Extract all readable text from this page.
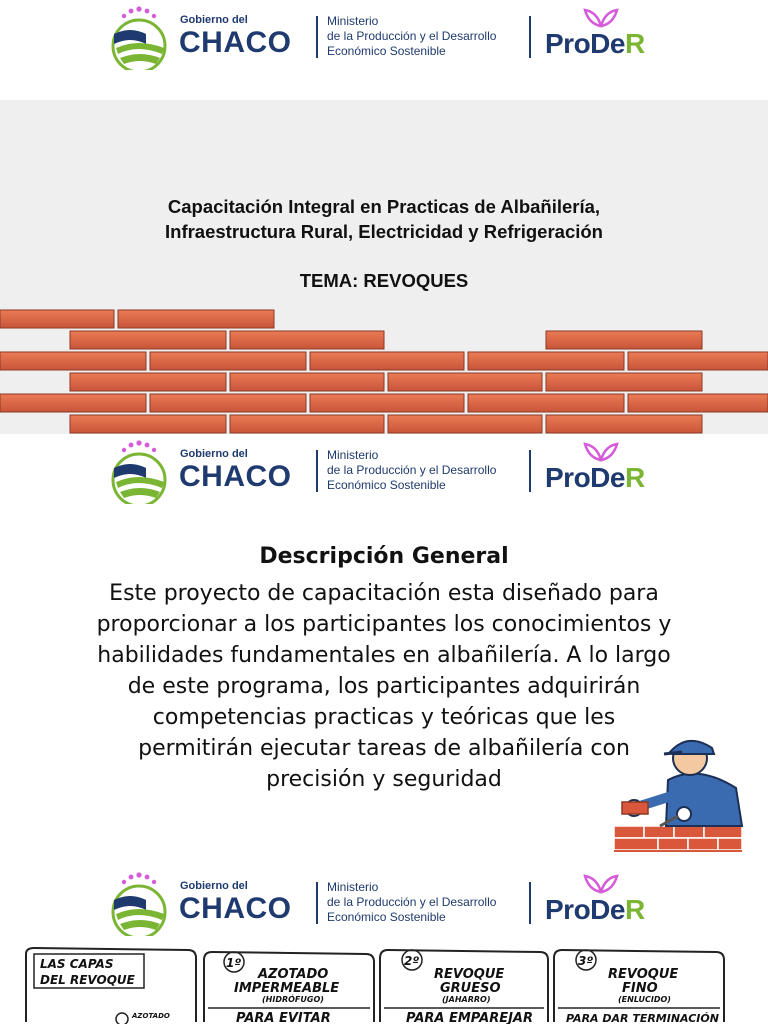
Gobierno del
CHACO
Ministerio
de la Producción y el Desarrollo
Económico Sostenible	ProDeR
Capacitación Integral en Practicas de Albañilería,
Infraestructura Rural, Electricidad y Refrigeración
TEMA: REVOQUES
Gobierno del
CHACO
Ministerio
de la Producción y el Desarrollo
Económico Sostenible	ProDeR
Descripción General
Este proyecto de capacitación esta diseñado para proporcionar a los participantes los conocimientos y habilidades fundamentales en albañilería. A lo largo de este programa, los participantes adquirirán competencias practicas y teóricas que les permitirán ejecutar tareas de albañilería con precisión y seguridad
Gobierno del
CHACO
Ministerio
de la Producción y el Desarrollo
Económico Sostenible	ProDeR
LAS CAPAS
DEL REVOQUE
AZOTADO
1º
AZOTADO
IMPERMEABLE
(HIDRÓFUGO)
PARA EVITAR
2º
REVOQUE
GRUESO
(JAHARRO)
PARA EMPAREJAR
3º
REVOQUE
FINO
(ENLUCIDO)
PARA DAR TERMINACIÓN
